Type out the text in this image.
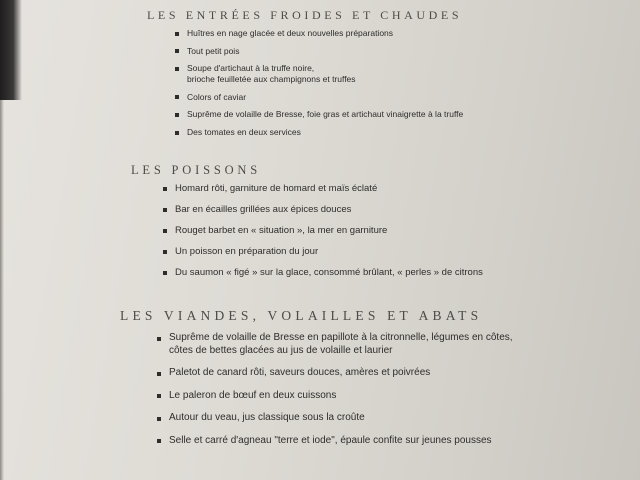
LES ENTRÉES FROIDES ET CHAUDES
Huîtres en nage glacée et deux nouvelles préparations
Tout petit pois
Soupe d'artichaut à la truffe noire,
brioche feuilletée aux champignons et truffes
Colors of caviar
Suprême de volaille de Bresse, foie gras et artichaut vinaigrette à la truffe
Des tomates en deux services
LES POISSONS
Homard rôti, garniture de homard et maïs éclaté
Bar en écailles grillées aux épices douces
Rouget barbet en « situation », la mer en garniture
Un poisson en préparation du jour
Du saumon « figé » sur la glace, consommé brûlant, « perles » de citrons
LES VIANDES, VOLAILLES ET ABATS
Suprême de volaille de Bresse en papillote à la citronnelle, légumes en côtes,
côtes de bettes glacées au jus de volaille et laurier
Paletot de canard rôti, saveurs douces, amères et poivrées
Le paleron de bœuf en deux cuissons
Autour du veau, jus classique sous la croûte
Selle et carré d'agneau "terre et iode", épaule confite sur jeunes pousses
